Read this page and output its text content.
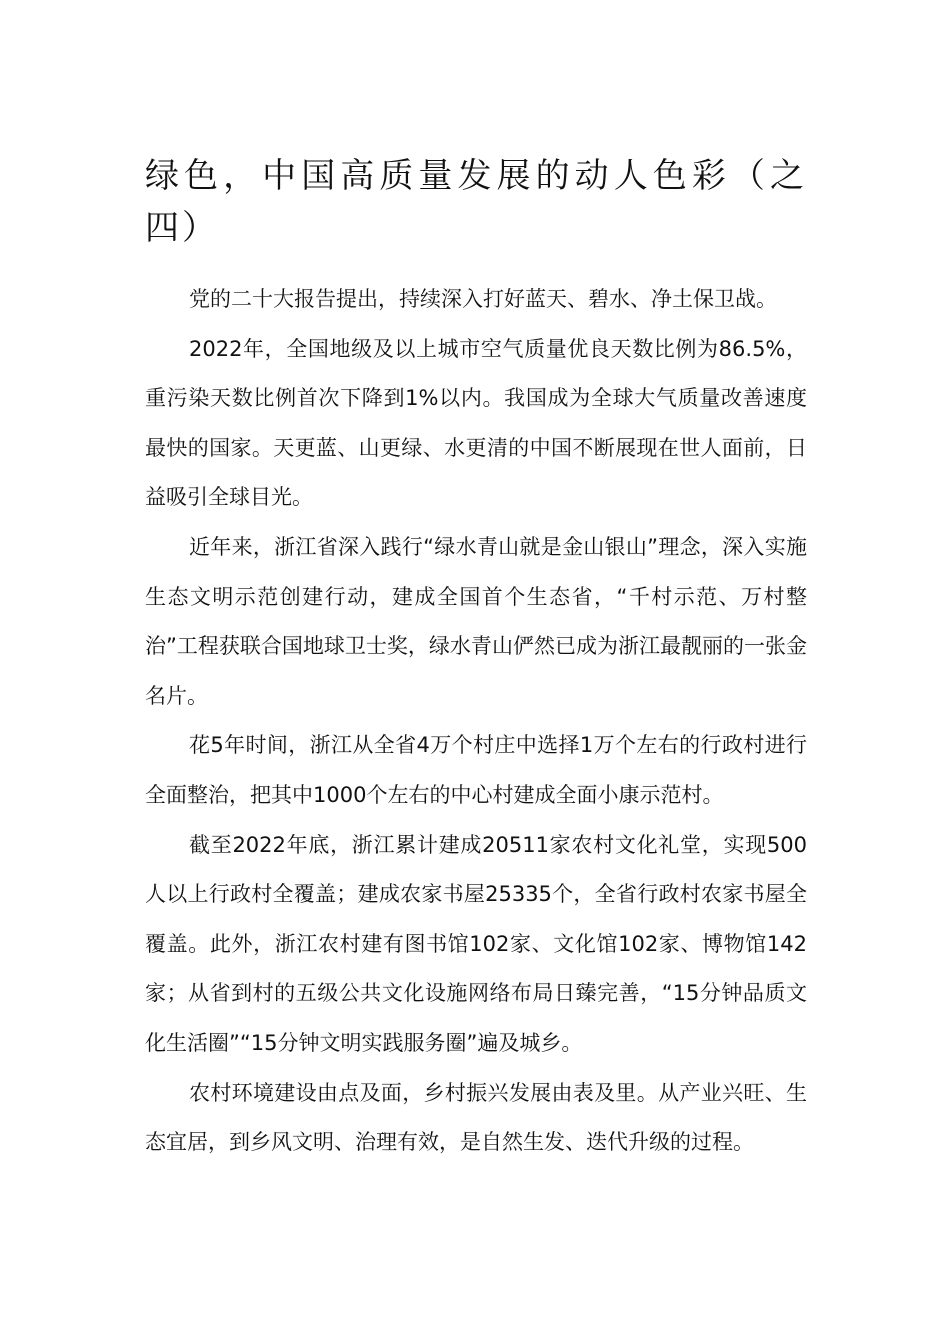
绿色，中国高质量发展的动人色彩（之四）

党的二十大报告提出，持续深入打好蓝天、碧水、净土保卫战。

2022年，全国地级及以上城市空气质量优良天数比例为86.5%，重污染天数比例首次下降到1%以内。我国成为全球大气质量改善速度最快的国家。天更蓝、山更绿、水更清的中国不断展现在世人面前，日益吸引全球目光。

近年来，浙江省深入践行“绿水青山就是金山银山”理念，深入实施生态文明示范创建行动，建成全国首个生态省，“千村示范、万村整治”工程获联合国地球卫士奖，绿水青山俨然已成为浙江最靓丽的一张金名片。

花5年时间，浙江从全省4万个村庄中选择1万个左右的行政村进行全面整治，把其中1000个左右的中心村建成全面小康示范村。

截至2022年底，浙江累计建成20511家农村文化礼堂，实现500人以上行政村全覆盖；建成农家书屋25335个，全省行政村农家书屋全覆盖。此外，浙江农村建有图书馆102家、文化馆102家、博物馆142家；从省到村的五级公共文化设施网络布局日臻完善，“15分钟品质文化生活圈”“15分钟文明实践服务圈”遍及城乡。

农村环境建设由点及面，乡村振兴发展由表及里。从产业兴旺、生态宜居，到乡风文明、治理有效，是自然生发、迭代升级的过程。
